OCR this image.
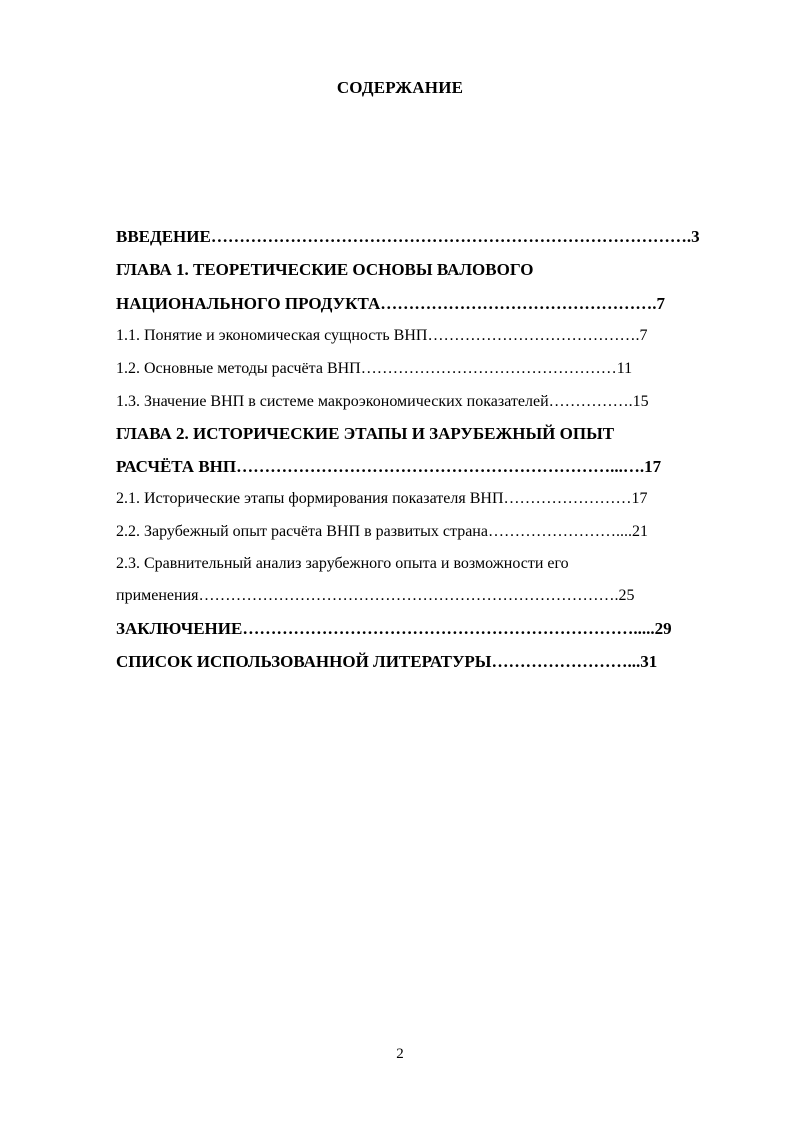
СОДЕРЖАНИЕ
ВВЕДЕНИЕ………………………………………………………………………….3
ГЛАВА 1. ТЕОРЕТИЧЕСКИЕ ОСНОВЫ ВАЛОВОГО
НАЦИОНАЛЬНОГО ПРОДУКТА………………………………………….7
1.1. Понятие и экономическая сущность ВНП………………………………….7
1.2. Основные методы расчёта ВНП…………………………………………11
1.3. Значение ВНП в системе макроэкономических показателей…………….15
ГЛАВА 2. ИСТОРИЧЕСКИЕ ЭТАПЫ И ЗАРУБЕЖНЫЙ ОПЫТ
РАСЧЁТА ВНП…………………………………………………………...….17
2.1. Исторические этапы формирования показателя ВНП……………………17
2.2. Зарубежный опыт расчёта ВНП в развитых страна……………………....21
2.3. Сравнительный анализ зарубежного опыта и возможности его
применения…………………………………………………………………….25
ЗАКЛЮЧЕНИЕ…………………………………………………………….....29
СПИСОК ИСПОЛЬЗОВАННОЙ ЛИТЕРАТУРЫ……………………...31
2
